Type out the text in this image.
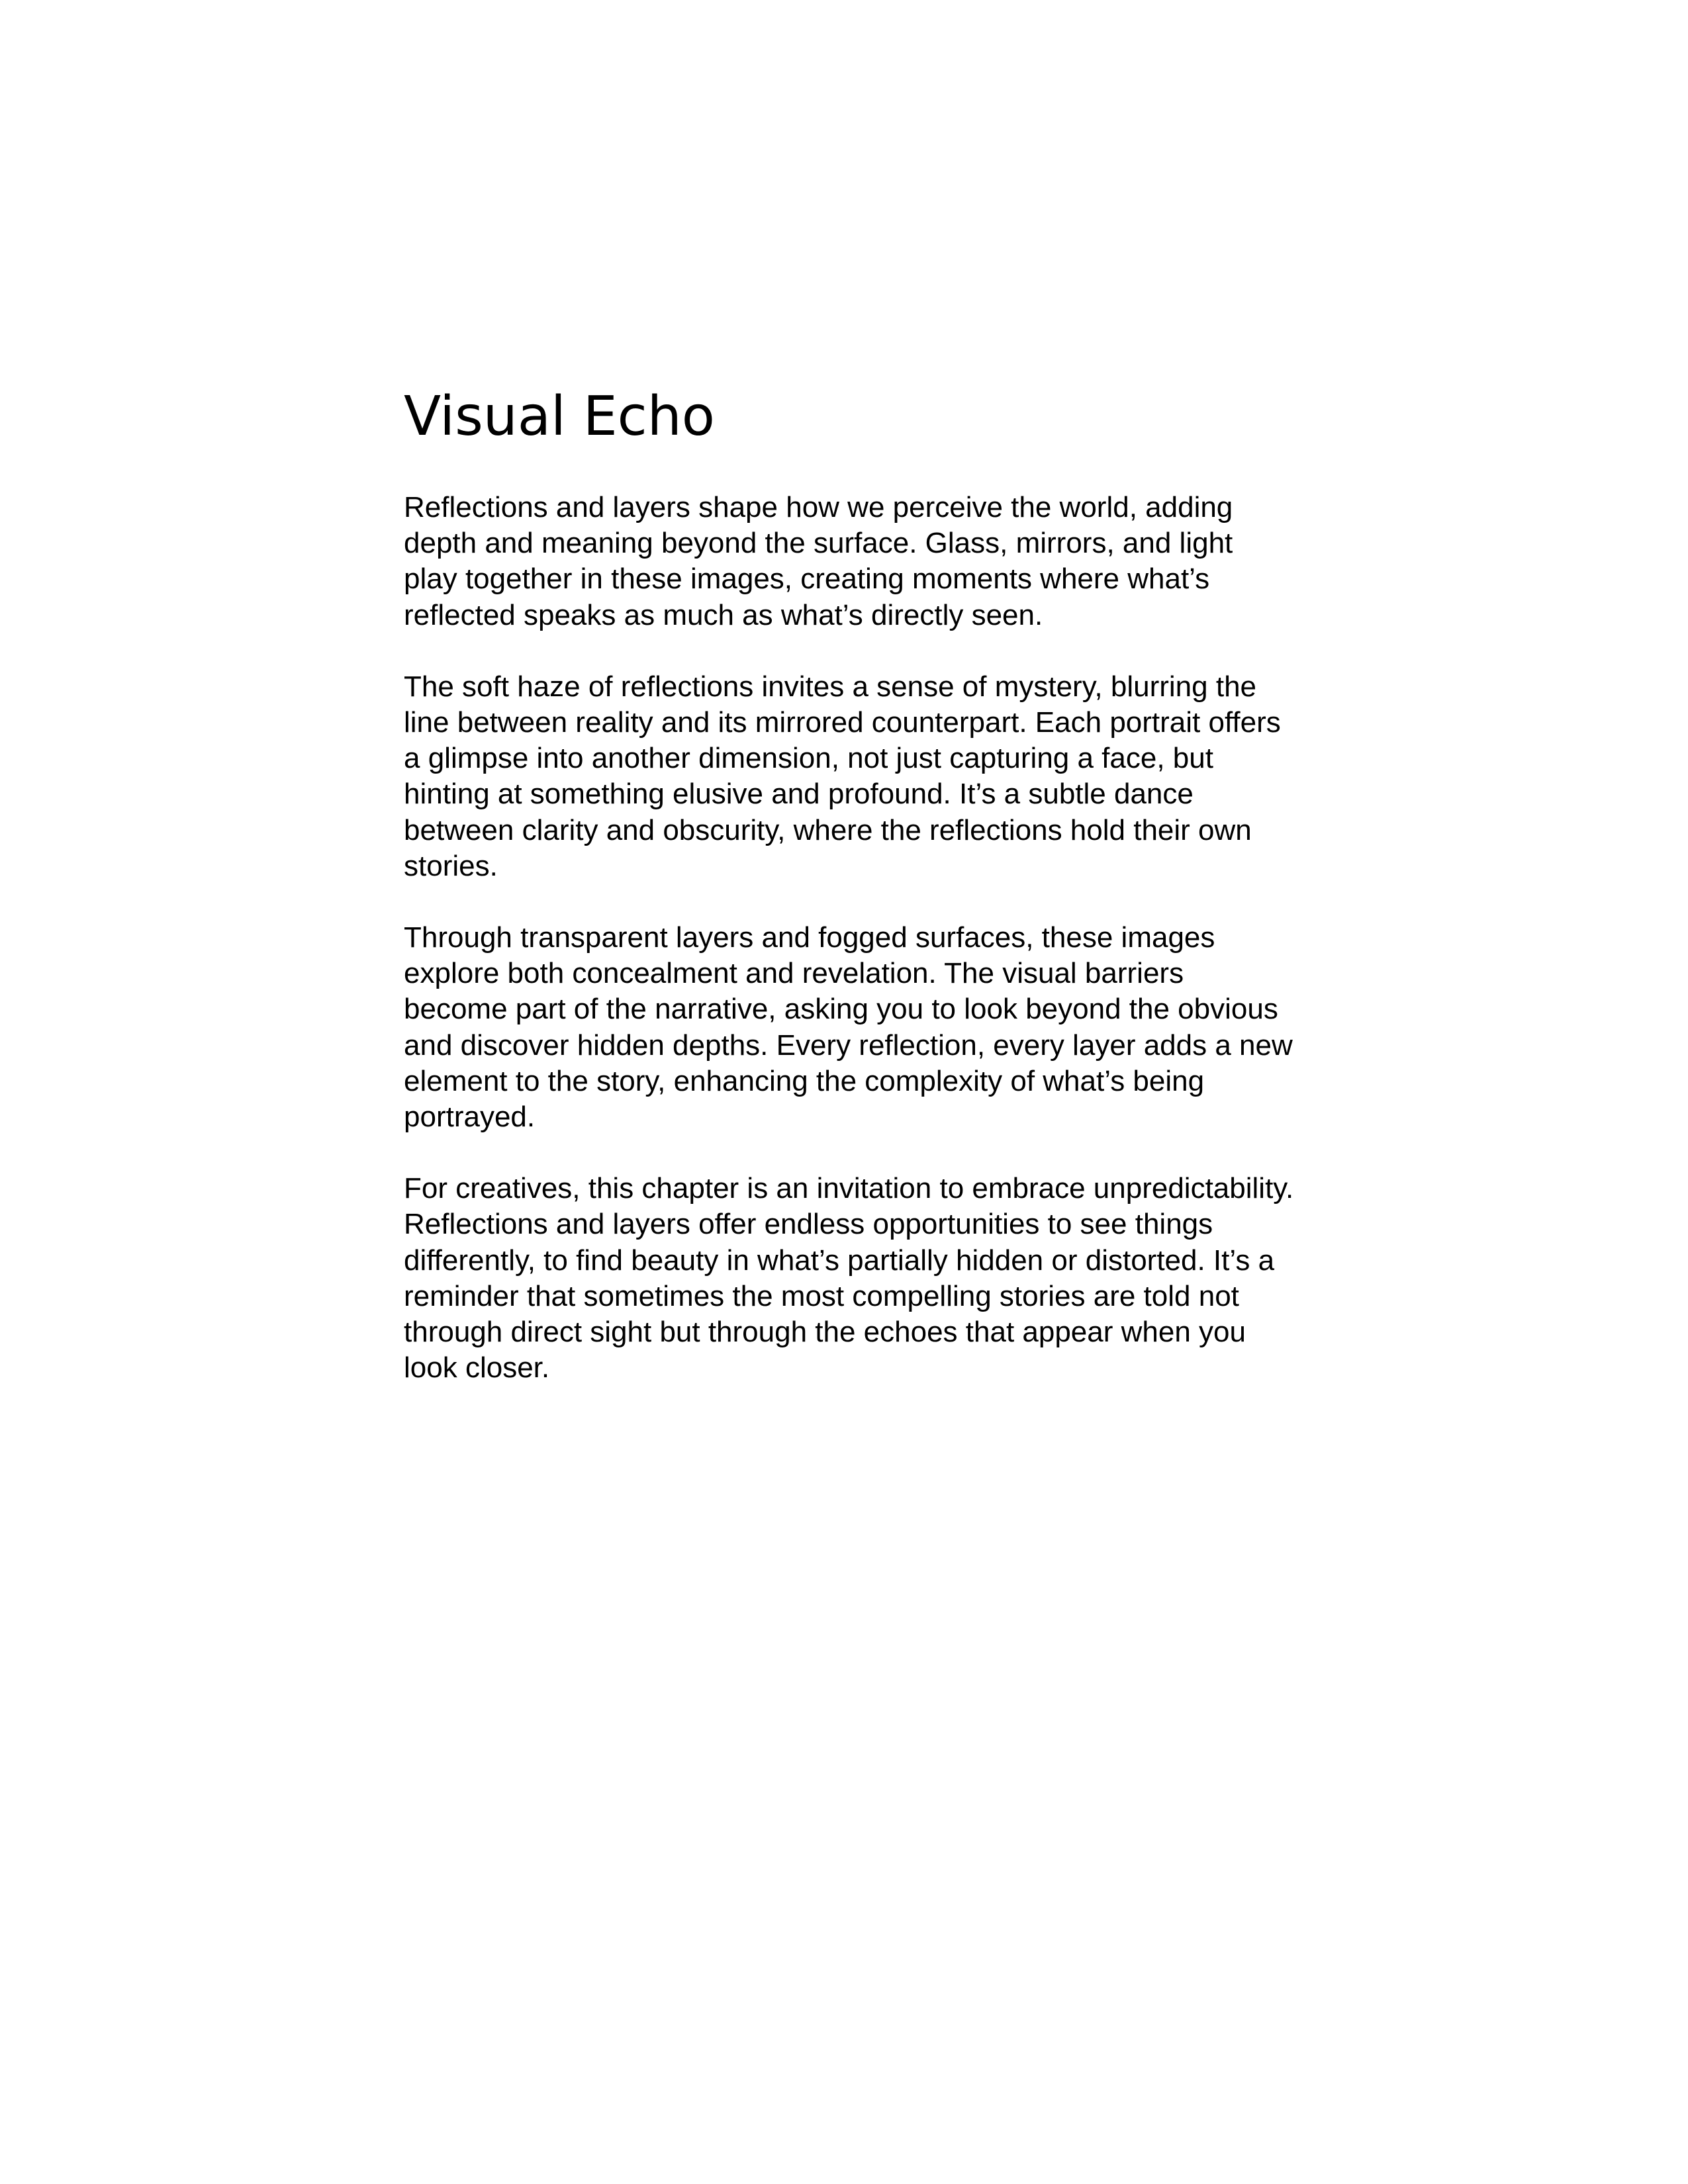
Visual Echo

Reflections and layers shape how we perceive the world, adding
depth and meaning beyond the surface. Glass, mirrors, and light
play together in these images, creating moments where what’s
reflected speaks as much as what’s directly seen.

The soft haze of reflections invites a sense of mystery, blurring the
line between reality and its mirrored counterpart. Each portrait offers
a glimpse into another dimension, not just capturing a face, but
hinting at something elusive and profound. It’s a subtle dance
between clarity and obscurity, where the reflections hold their own
stories.

Through transparent layers and fogged surfaces, these images
explore both concealment and revelation. The visual barriers
become part of the narrative, asking you to look beyond the obvious
and discover hidden depths. Every reflection, every layer adds a new
element to the story, enhancing the complexity of what’s being
portrayed.

For creatives, this chapter is an invitation to embrace unpredictability.
Reflections and layers offer endless opportunities to see things
differently, to find beauty in what’s partially hidden or distorted. It’s a
reminder that sometimes the most compelling stories are told not
through direct sight but through the echoes that appear when you
look closer.
